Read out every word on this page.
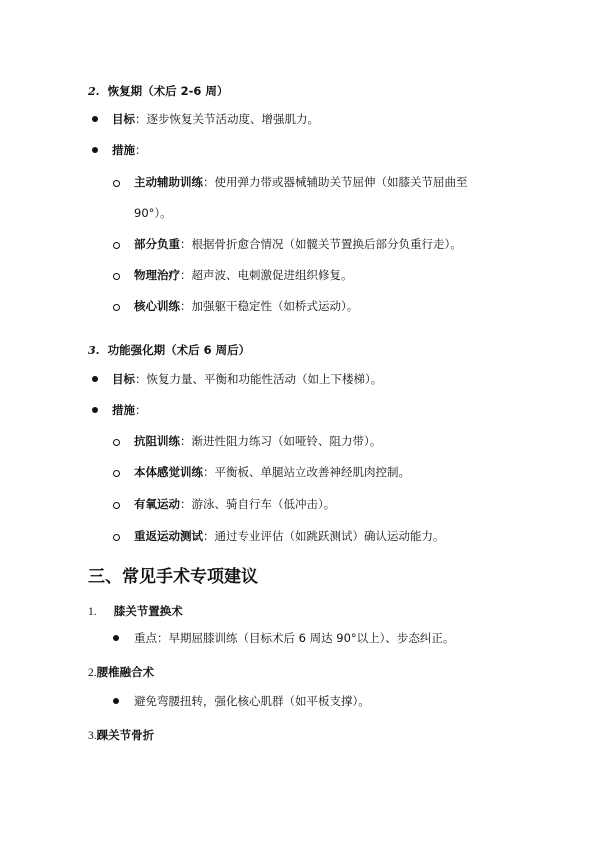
2. 恢复期（术后 2-6 周）
目标：逐步恢复关节活动度、增强肌力。
措施：
主动辅助训练：使用弹力带或器械辅助关节屈伸（如膝关节屈曲至
90°）。
部分负重：根据骨折愈合情况（如髋关节置换后部分负重行走）。
物理治疗：超声波、电刺激促进组织修复。
核心训练：加强躯干稳定性（如桥式运动）。
3. 功能强化期（术后 6 周后）
目标：恢复力量、平衡和功能性活动（如上下楼梯）。
措施：
抗阻训练：渐进性阻力练习（如哑铃、阻力带）。
本体感觉训练：平衡板、单腿站立改善神经肌肉控制。
有氧运动：游泳、骑自行车（低冲击）。
重返运动测试：通过专业评估（如跳跃测试）确认运动能力。
三、常见手术专项建议
1. 膝关节置换术
重点：早期屈膝训练（目标术后 6 周达 90°以上）、步态纠正。
2.腰椎融合术
避免弯腰扭转，强化核心肌群（如平板支撑）。
3.踝关节骨折
